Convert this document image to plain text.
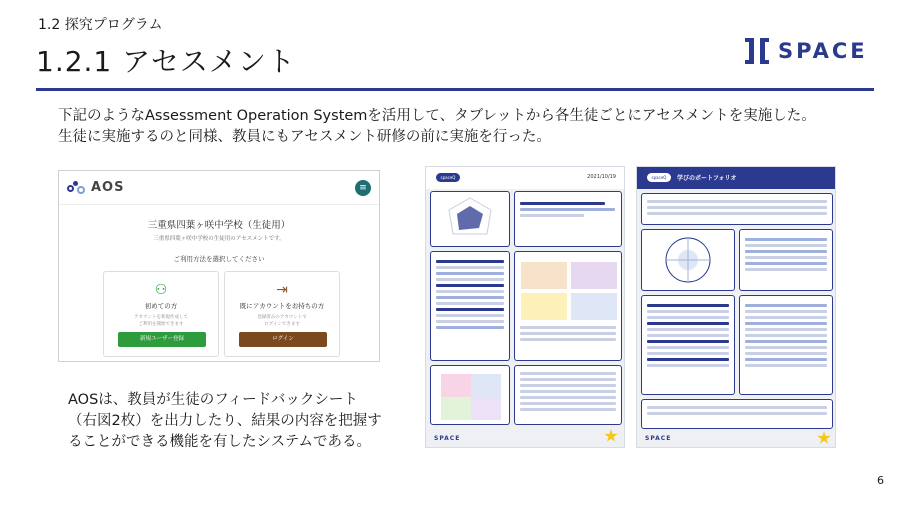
1.2 探究プログラム
1.2.1 アセスメント	SPACE
下記のようなAssessment Operation Systemを活用して、タブレットから各生徒ごとにアセスメントを実施した。
生徒に実施するのと同様、教員にもアセスメント研修の前に実施を行った。
AOS	≡
三重県四葉ヶ咲中学校（生徒用）
三重県四葉ヶ咲中学校の生徒用のアセスメントです。
ご利用方法を選択してください
⚇
初めての方
アカウントを新規作成して
ご利用を開始できます
新規ユーザー登録
⇥
既にアカウントをお持ちの方
登録済みのアカウントで
ログインできます
ログイン
spaceQ	2021/10/19
SPACE
spaceQ	学びのポートフォリオ
SPACE
AOSは、教員が生徒のフィードバックシート
（右図2枚）を出力したり、結果の内容を把握す
ることができる機能を有したシステムである。
6
